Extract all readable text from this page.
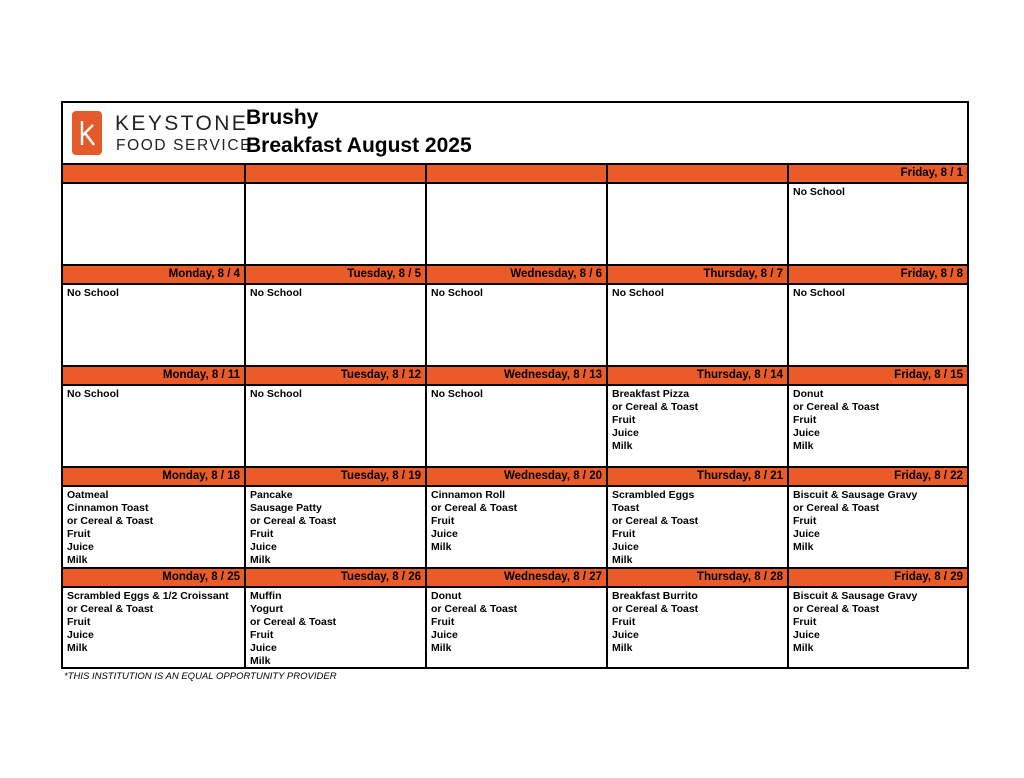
KEYSTONE
FOOD SERVICE
Brushy
Breakfast August 2025
Friday, 8 / 1
No School
Monday, 8 / 4
No School
Tuesday, 8 / 5
No School
Wednesday, 8 / 6
No School
Thursday, 8 / 7
No School
Friday, 8 / 8
No School
Monday, 8 / 11
No School
Tuesday, 8 / 12
No School
Wednesday, 8 / 13
No School
Thursday, 8 / 14
Breakfast Pizza
or Cereal & Toast
Fruit
Juice
Milk
Friday, 8 / 15
Donut
or Cereal & Toast
Fruit
Juice
Milk
Monday, 8 / 18
Oatmeal
Cinnamon Toast
or Cereal & Toast
Fruit
Juice
Milk
Tuesday, 8 / 19
Pancake
Sausage Patty
or Cereal & Toast
Fruit
Juice
Milk
Wednesday, 8 / 20
Cinnamon Roll
or Cereal & Toast
Fruit
Juice
Milk
Thursday, 8 / 21
Scrambled Eggs
Toast
or Cereal & Toast
Fruit
Juice
Milk
Friday, 8 / 22
Biscuit & Sausage Gravy
or Cereal & Toast
Fruit
Juice
Milk
Monday, 8 / 25
Scrambled Eggs & 1/2 Croissant
or Cereal & Toast
Fruit
Juice
Milk
Tuesday, 8 / 26
Muffin
Yogurt
or Cereal & Toast
Fruit
Juice
Milk
Wednesday, 8 / 27
Donut
or Cereal & Toast
Fruit
Juice
Milk
Thursday, 8 / 28
Breakfast Burrito
or Cereal & Toast
Fruit
Juice
Milk
Friday, 8 / 29
Biscuit & Sausage Gravy
or Cereal & Toast
Fruit
Juice
Milk
*THIS INSTITUTION IS AN EQUAL OPPORTUNITY PROVIDER
